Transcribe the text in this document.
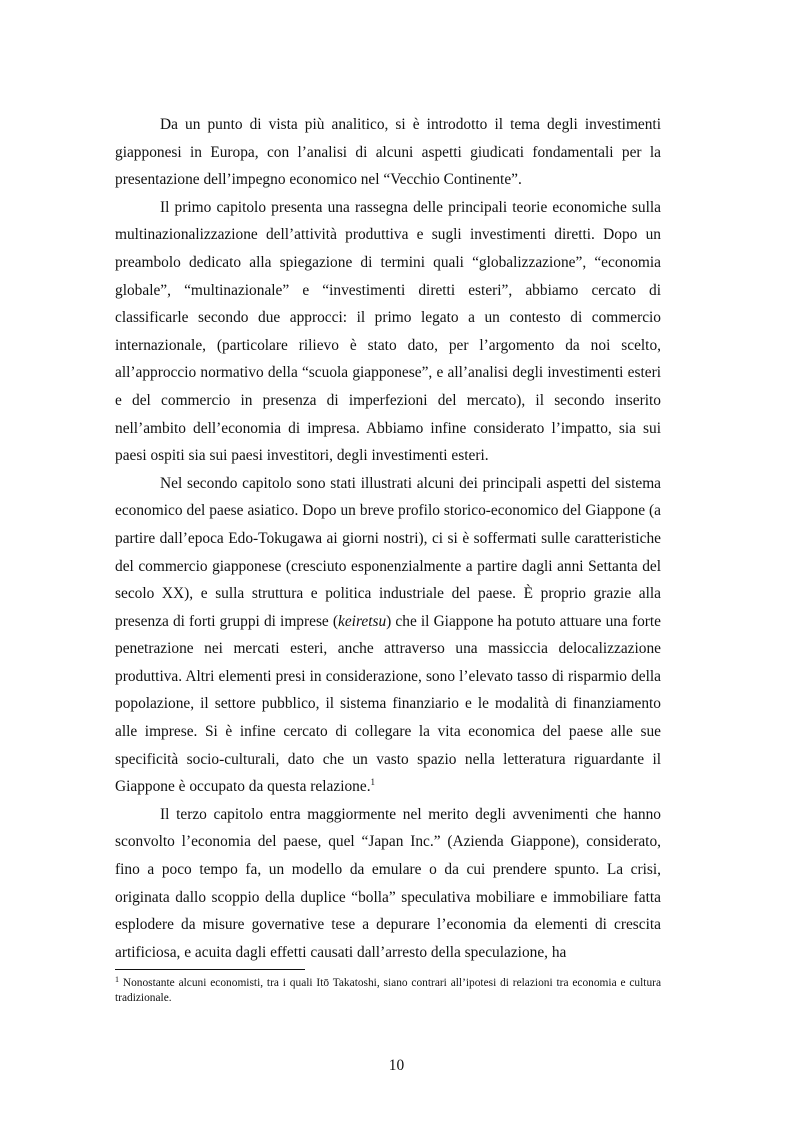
Da un punto di vista più analitico, si è introdotto il tema degli investimenti giapponesi in Europa, con l’analisi di alcuni aspetti giudicati fondamentali per la presentazione dell’impegno economico nel “Vecchio Continente”.

Il primo capitolo presenta una rassegna delle principali teorie economiche sulla multinazionalizzazione dell’attività produttiva e sugli investimenti diretti. Dopo un preambolo dedicato alla spiegazione di termini quali “globalizzazione”, “economia globale”, “multinazionale” e “investimenti diretti esteri”, abbiamo cercato di classificarle secondo due approcci: il primo legato a un contesto di commercio internazionale, (particolare rilievo è stato dato, per l’argomento da noi scelto, all’approccio normativo della “scuola giapponese”, e all’analisi degli investimenti esteri e del commercio in presenza di imperfezioni del mercato), il secondo inserito nell’ambito dell’economia di impresa. Abbiamo infine considerato l’impatto, sia sui paesi ospiti sia sui paesi investitori, degli investimenti esteri.

Nel secondo capitolo sono stati illustrati alcuni dei principali aspetti del sistema economico del paese asiatico. Dopo un breve profilo storico-economico del Giappone (a partire dall’epoca Edo-Tokugawa ai giorni nostri), ci si è soffermati sulle caratteristiche del commercio giapponese (cresciuto esponenzialmente a partire dagli anni Settanta del secolo XX), e sulla struttura e politica industriale del paese. È proprio grazie alla presenza di forti gruppi di imprese (keiretsu) che il Giappone ha potuto attuare una forte penetrazione nei mercati esteri, anche attraverso una massiccia delocalizzazione produttiva. Altri elementi presi in considerazione, sono l’elevato tasso di risparmio della popolazione, il settore pubblico, il sistema finanziario e le modalità di finanziamento alle imprese. Si è infine cercato di collegare la vita economica del paese alle sue specificità socio-culturali, dato che un vasto spazio nella letteratura riguardante il Giappone è occupato da questa relazione.$^1$

Il terzo capitolo entra maggiormente nel merito degli avvenimenti che hanno sconvolto l’economia del paese, quel “Japan Inc.” (Azienda Giappone), considerato, fino a poco tempo fa, un modello da emulare o da cui prendere spunto. La crisi, originata dallo scoppio della duplice “bolla” speculativa mobiliare e immobiliare fatta esplodere da misure governative tese a depurare l’economia da elementi di crescita artificiosa, e acuita dagli effetti causati dall’arresto della speculazione, ha

$^1$ Nonostante alcuni economisti, tra i quali Itō Takatoshi, siano contrari all’ipotesi di relazioni tra economia e cultura tradizionale.
10
